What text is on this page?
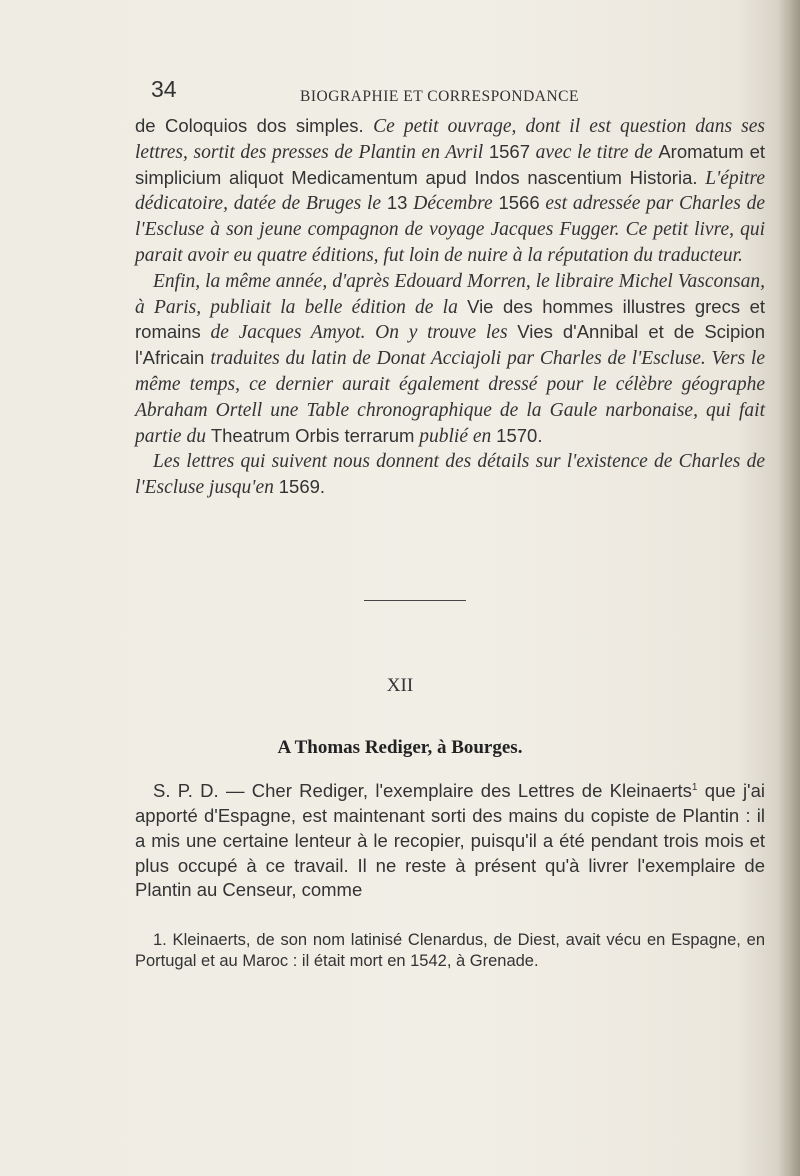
34	BIOGRAPHIE ET CORRESPONDANCE

de Coloquios dos simples. Ce petit ouvrage, dont il est question dans ses lettres, sortit des presses de Plantin en Avril 1567 avec le titre de Aromatum et simplicium aliquot Medicamentum apud Indos nascentium Historia. L'épitre dédicatoire, datée de Bruges le 13 Décembre 1566 est adressée par Charles de l'Escluse à son jeune compagnon de voyage Jacques Fugger. Ce petit livre, qui parait avoir eu quatre éditions, fut loin de nuire à la réputation du traducteur.

Enfin, la même année, d'après Edouard Morren, le libraire Michel Vasconsan, à Paris, publiait la belle édition de la Vie des hommes illustres grecs et romains de Jacques Amyot. On y trouve les Vies d'Annibal et de Scipion l'Africain traduites du latin de Donat Acciajoli par Charles de l'Escluse. Vers le même temps, ce dernier aurait également dressé pour le célèbre géographe Abraham Ortell une Table chronographique de la Gaule narbonaise, qui fait partie du Theatrum Orbis terrarum publié en 1570.

Les lettres qui suivent nous donnent des détails sur l'existence de Charles de l'Escluse jusqu'en 1569.

XII
A Thomas Rediger, à Bourges.

S. P. D. — Cher Rediger, l'exemplaire des Lettres de Kleinaerts$^1$ que j'ai apporté d'Espagne, est maintenant sorti des mains du copiste de Plantin : il a mis une certaine lenteur à le recopier, puisqu'il a été pendant trois mois et plus occupé à ce travail. Il ne reste à présent qu'à livrer l'exemplaire de Plantin au Censeur, comme

1. Kleinaerts, de son nom latinisé Clenardus, de Diest, avait vécu en Espagne, en Portugal et au Maroc : il était mort en 1542, à Grenade.
